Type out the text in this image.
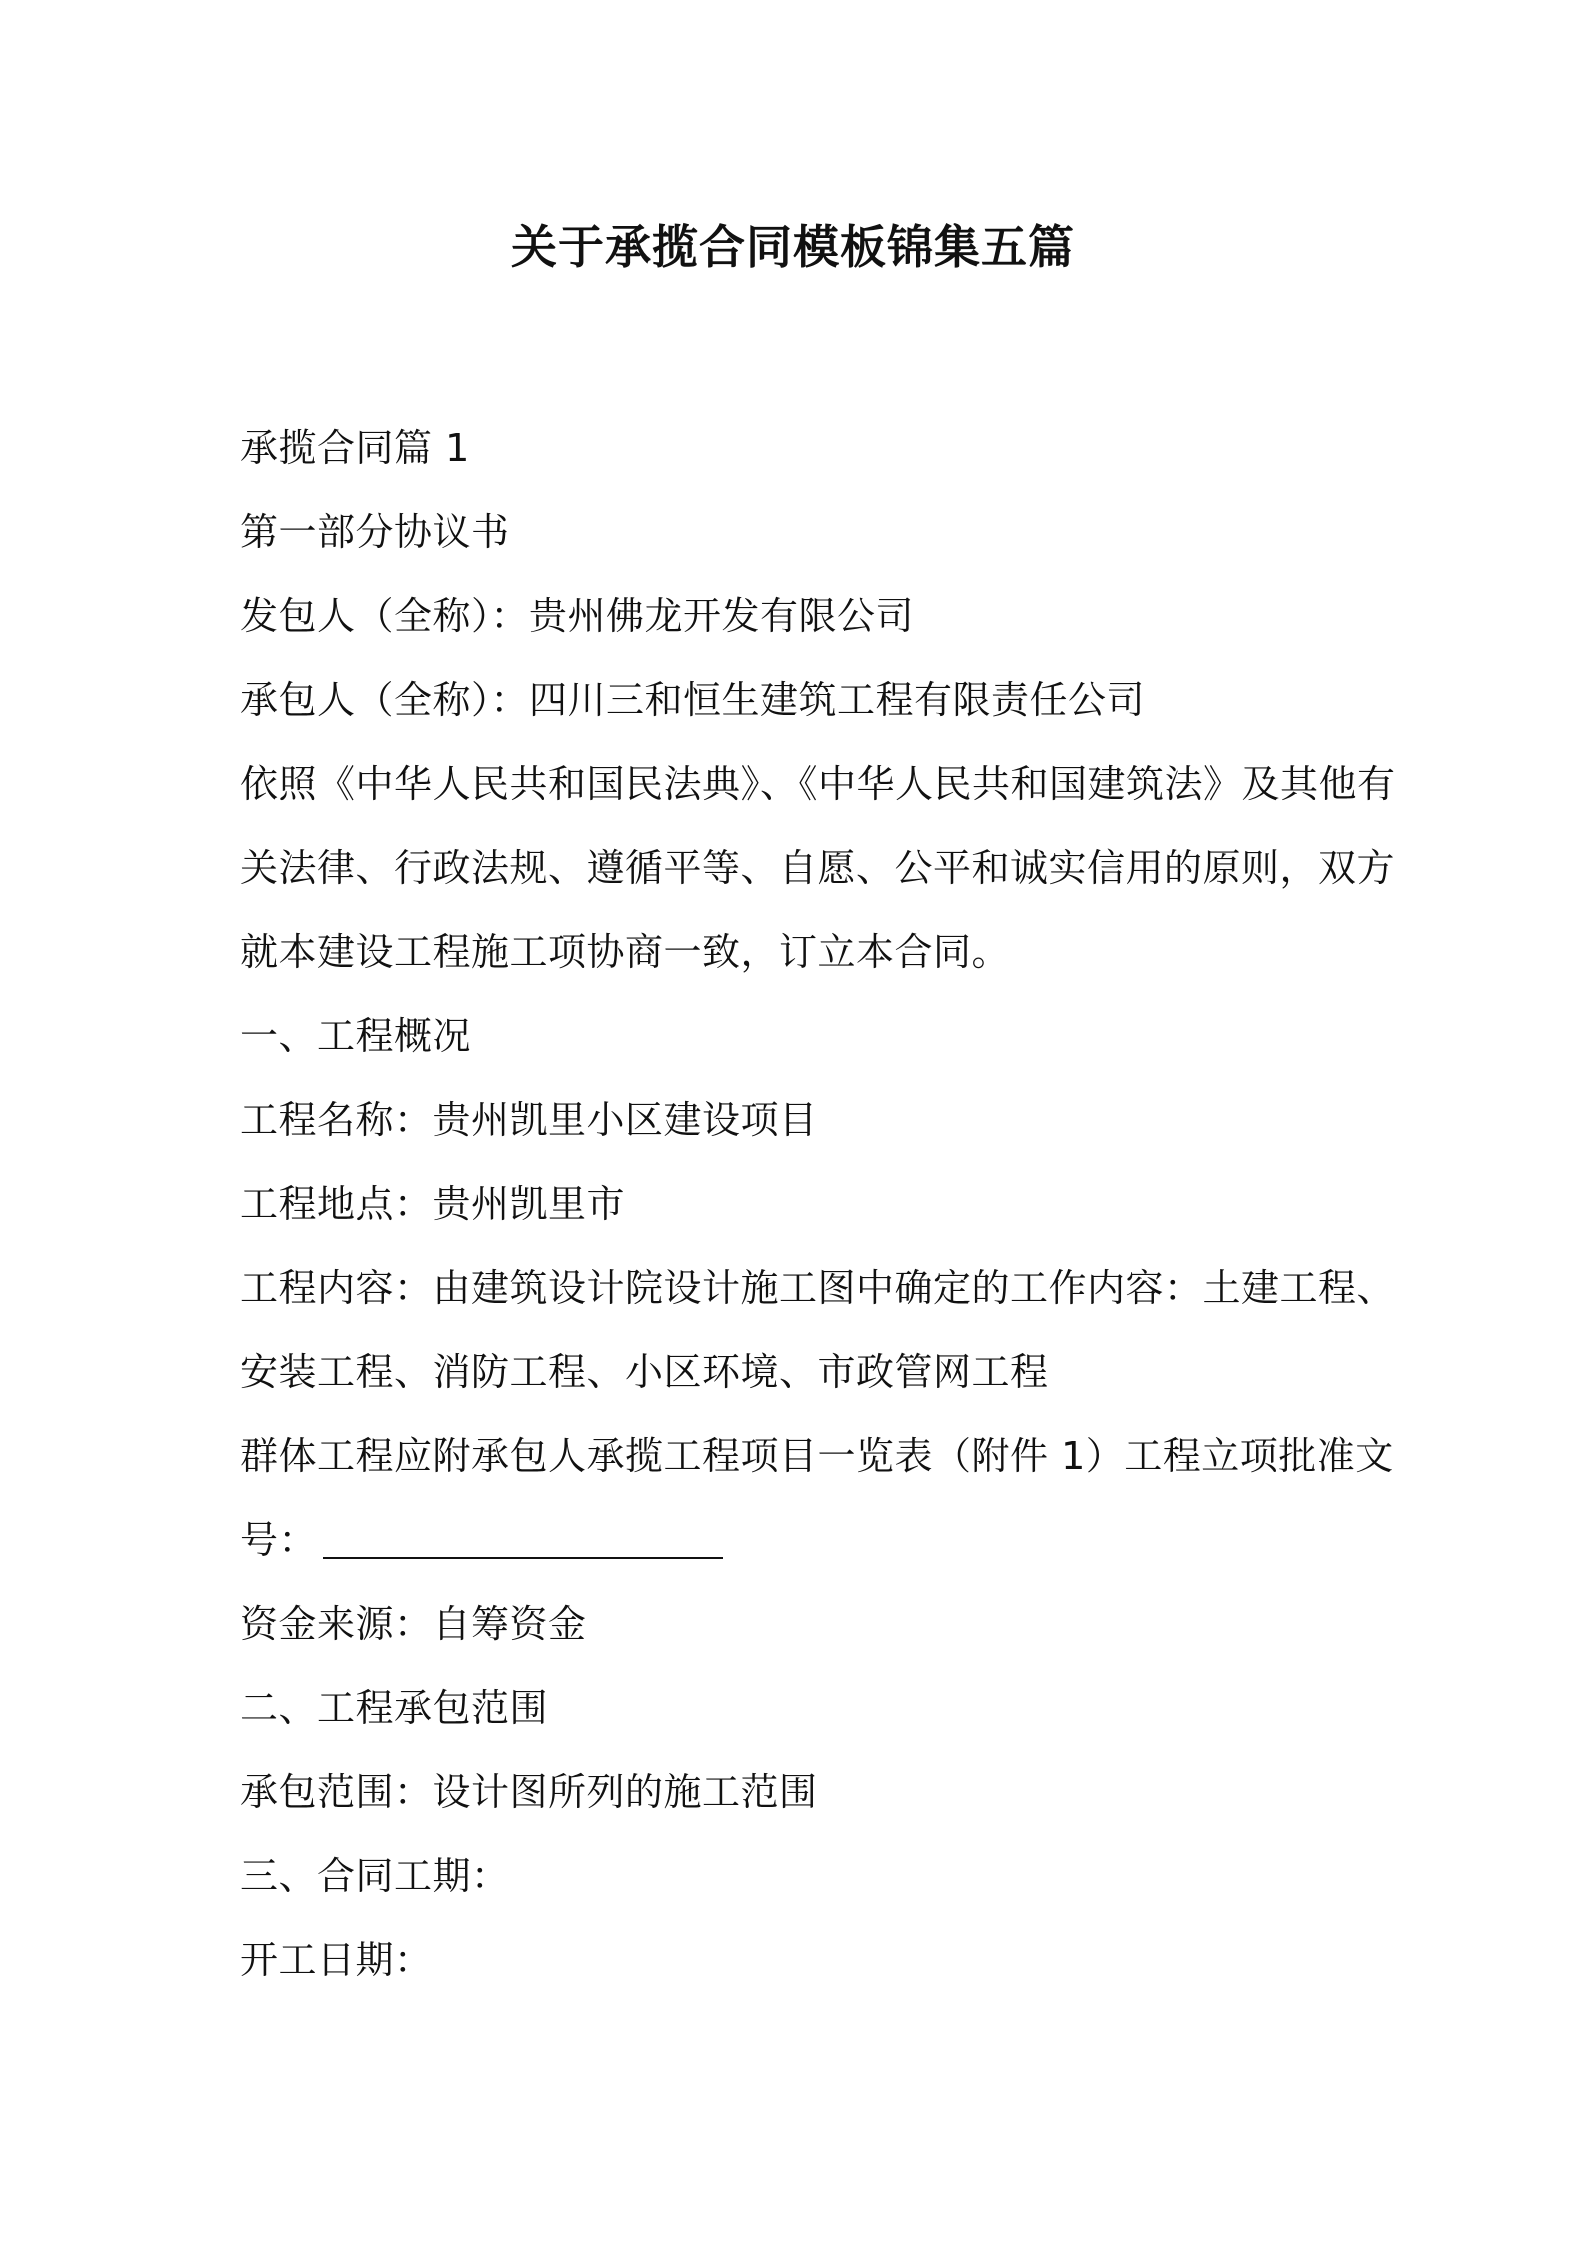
关于承揽合同模板锦集五篇

承揽合同篇 1

第一部分协议书

发包人（全称）：贵州佛龙开发有限公司

承包人（全称）：四川三和恒生建筑工程有限责任公司

依照《中华人民共和国民法典》、《中华人民共和国建筑法》及其他有

关法律、行政法规、遵循平等、自愿、公平和诚实信用的原则，双方

就本建设工程施工项协商一致，订立本合同。

一、工程概况

工程名称：贵州凯里小区建设项目

工程地点：贵州凯里市

工程内容：由建筑设计院设计施工图中确定的工作内容：土建工程、

安装工程、消防工程、小区环境、市政管网工程

群体工程应附承包人承揽工程项目一览表（附件 1）工程立项批准文

号：

资金来源：自筹资金

二、工程承包范围

承包范围：设计图所列的施工范围

三、合同工期：

开工日期：
